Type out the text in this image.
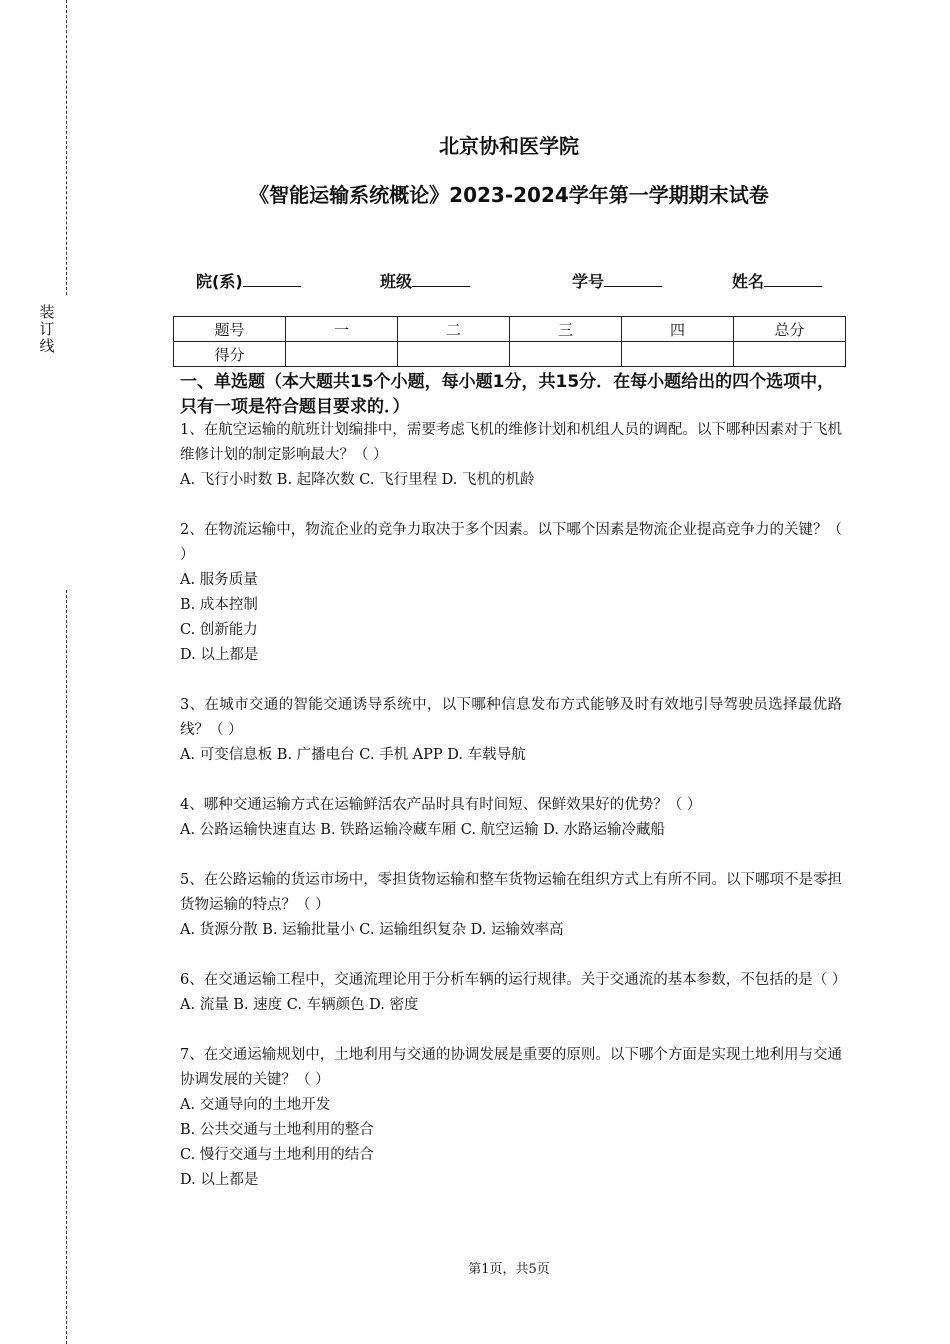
装
订
线
北京协和医学院
《智能运输系统概论》2023-2024学年第一学期期末试卷
院(系)	班级	学号	姓名
题号	一	二	三	四	总分
得分					
一、单选题（本大题共15个小题，每小题1分，共15分．在每小题给出的四个选项中，只有一项是符合题目要求的．）
1、在航空运输的航班计划编排中，需要考虑飞机的维修计划和机组人员的调配。以下哪种因素对于飞机维修计划的制定影响最大？（ ）
A. 飞行小时数 B. 起降次数 C. 飞行里程 D. 飞机的机龄
2、在物流运输中，物流企业的竞争力取决于多个因素。以下哪个因素是物流企业提高竞争力的关键？（ ）
A. 服务质量
B. 成本控制
C. 创新能力
D. 以上都是
3、在城市交通的智能交通诱导系统中，以下哪种信息发布方式能够及时有效地引导驾驶员选择最优路线？（ ）
A. 可变信息板 B. 广播电台 C. 手机 APP D. 车载导航
4、哪种交通运输方式在运输鲜活农产品时具有时间短、保鲜效果好的优势？（ ）
A. 公路运输快速直达 B. 铁路运输冷藏车厢 C. 航空运输 D. 水路运输冷藏船
5、在公路运输的货运市场中，零担货物运输和整车货物运输在组织方式上有所不同。以下哪项不是零担货物运输的特点？（ ）
A. 货源分散 B. 运输批量小 C. 运输组织复杂 D. 运输效率高
6、在交通运输工程中，交通流理论用于分析车辆的运行规律。关于交通流的基本参数，不包括的是（ ）
A. 流量 B. 速度 C. 车辆颜色 D. 密度
7、在交通运输规划中，土地利用与交通的协调发展是重要的原则。以下哪个方面是实现土地利用与交通协调发展的关键？（ ）
A. 交通导向的土地开发
B. 公共交通与土地利用的整合
C. 慢行交通与土地利用的结合
D. 以上都是
第1页，共5页
